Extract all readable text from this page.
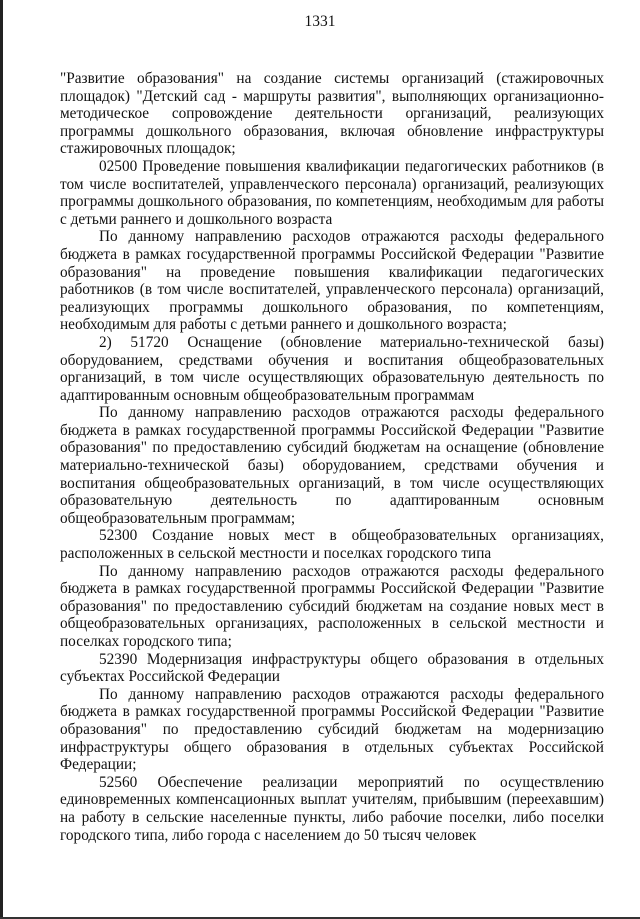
1331

"Развитие образования" на создание системы организаций (стажировочных площадок) "Детский сад - маршруты развития", выполняющих организационно-методическое сопровождение деятельности организаций, реализующих программы дошкольного образования, включая обновление инфраструктуры стажировочных площадок;

02500 Проведение повышения квалификации педагогических работников (в том числе воспитателей, управленческого персонала) организаций, реализующих программы дошкольного образования, по компетенциям, необходимым для работы с детьми раннего и дошкольного возраста

По данному направлению расходов отражаются расходы федерального бюджета в рамках государственной программы Российской Федерации "Развитие образования" на проведение повышения квалификации педагогических работников (в том числе воспитателей, управленческого персонала) организаций, реализующих программы дошкольного образования, по компетенциям, необходимым для работы с детьми раннего и дошкольного возраста;

2) 51720 Оснащение (обновление материально-технической базы) оборудованием, средствами обучения и воспитания общеобразовательных организаций, в том числе осуществляющих образовательную деятельность по адаптированным основным общеобразовательным программам

По данному направлению расходов отражаются расходы федерального бюджета в рамках государственной программы Российской Федерации "Развитие образования" по предоставлению субсидий бюджетам на оснащение (обновление материально-технической базы) оборудованием, средствами обучения и воспитания общеобразовательных организаций, в том числе осуществляющих образовательную деятельность по адаптированным основным общеобразовательным программам;

52300 Создание новых мест в общеобразовательных организациях, расположенных в сельской местности и поселках городского типа

По данному направлению расходов отражаются расходы федерального бюджета в рамках государственной программы Российской Федерации "Развитие образования" по предоставлению субсидий бюджетам на создание новых мест в общеобразовательных организациях, расположенных в сельской местности и поселках городского типа;

52390 Модернизация инфраструктуры общего образования в отдельных субъектах Российской Федерации

По данному направлению расходов отражаются расходы федерального бюджета в рамках государственной программы Российской Федерации "Развитие образования" по предоставлению субсидий бюджетам на модернизацию инфраструктуры общего образования в отдельных субъектах Российской Федерации;

52560 Обеспечение реализации мероприятий по осуществлению единовременных компенсационных выплат учителям, прибывшим (переехавшим) на работу в сельские населенные пункты, либо рабочие поселки, либо поселки городского типа, либо города с населением до 50 тысяч человек
